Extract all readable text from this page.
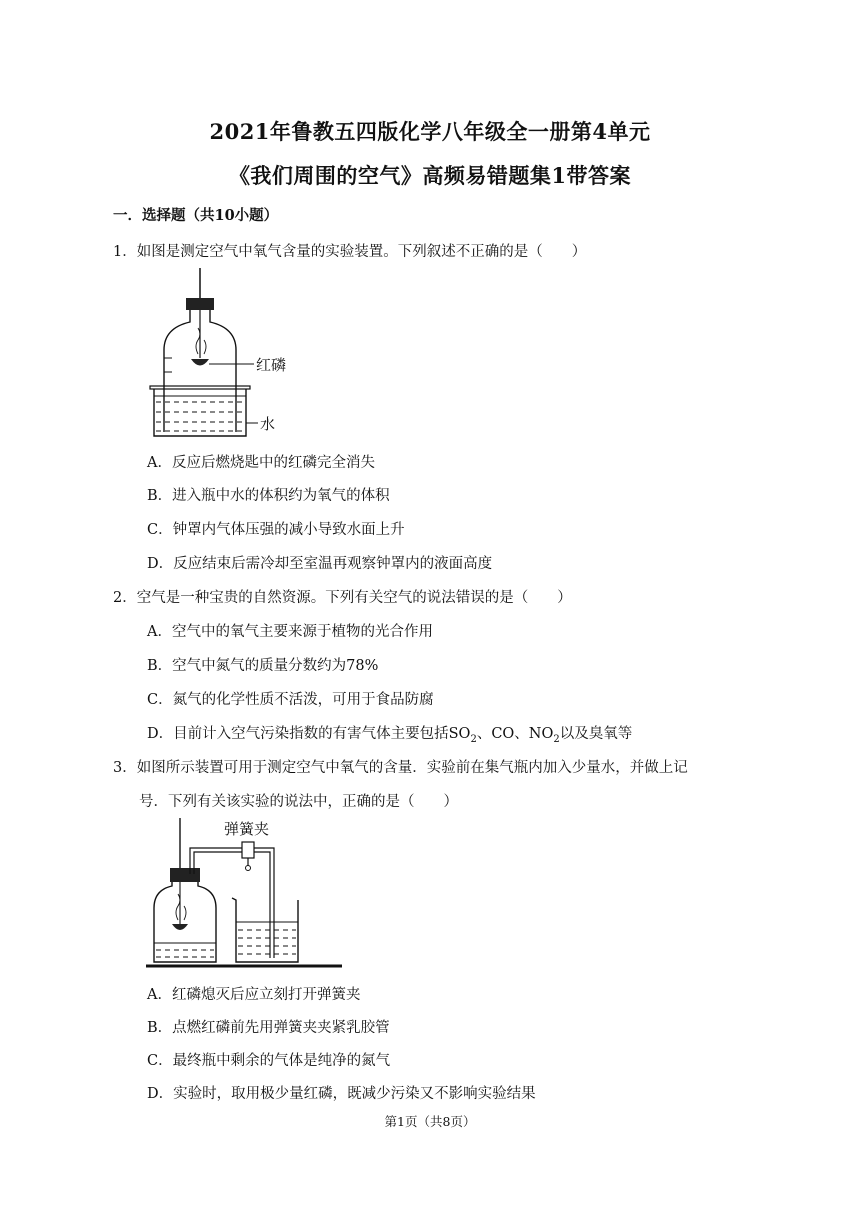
2021年鲁教五四版化学八年级全一册第4单元
《我们周围的空气》高频易错题集1带答案
一．选择题（共10小题）
1．如图是测定空气中氧气含量的实验装置。下列叙述不正确的是（　　）
红磷
水
A．反应后燃烧匙中的红磷完全消失
B．进入瓶中水的体积约为氧气的体积
C．钟罩内气体压强的减小导致水面上升
D．反应结束后需冷却至室温再观察钟罩内的液面高度
2．空气是一种宝贵的自然资源。下列有关空气的说法错误的是（　　）
A．空气中的氧气主要来源于植物的光合作用
B．空气中氮气的质量分数约为78%
C．氮气的化学性质不活泼，可用于食品防腐
D．目前计入空气污染指数的有害气体主要包括$SO_2$、CO、$NO_2$以及臭氧等
3．如图所示装置可用于测定空气中氧气的含量．实验前在集气瓶内加入少量水，并做上记
号．下列有关该实验的说法中，正确的是（　　）
弹簧夹
A．红磷熄灭后应立刻打开弹簧夹
B．点燃红磷前先用弹簧夹夹紧乳胶管
C．最终瓶中剩余的气体是纯净的氮气
D．实验时，取用极少量红磷，既减少污染又不影响实验结果
第1页（共8页）
